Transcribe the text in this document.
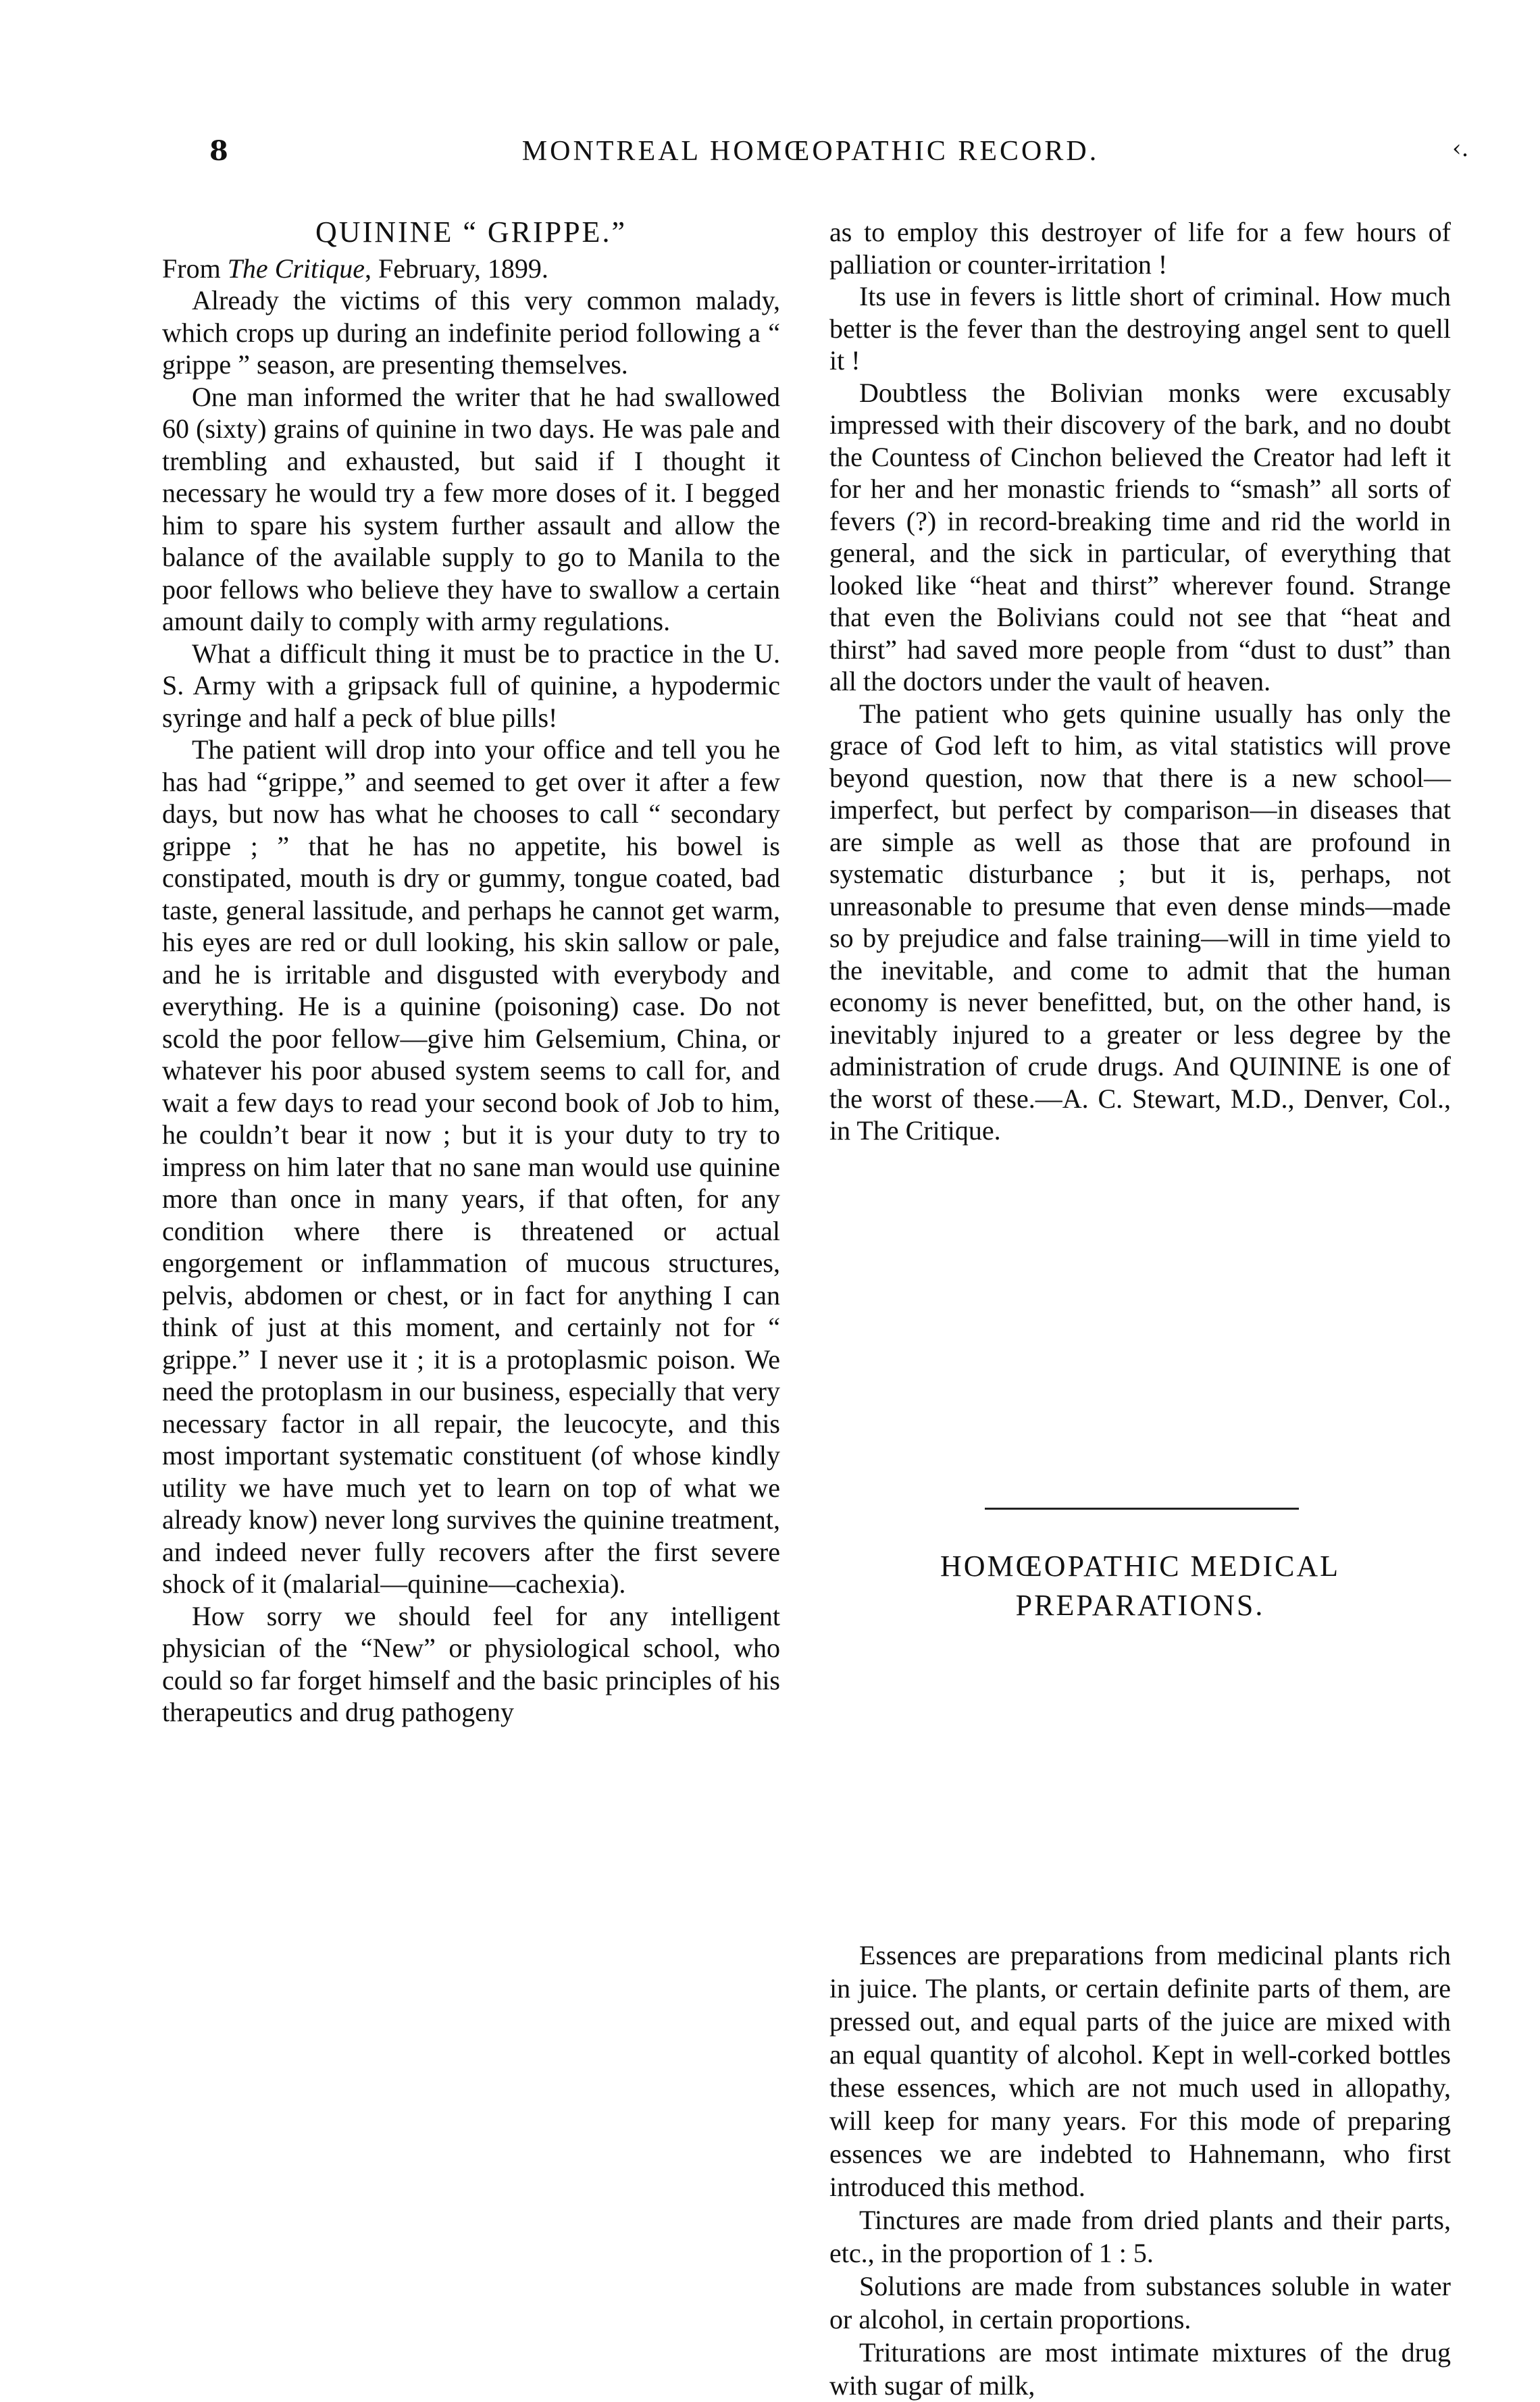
‹.
8	MONTREAL HOMŒOPATHIC RECORD.
QUININE “ GRIPPE.”
From The Critique, February, 1899.

Already the victims of this very common malady, which crops up during an indefinite period following a “ grippe ” season, are presenting themselves.

One man informed the writer that he had swallowed 60 (sixty) grains of quinine in two days. He was pale and trembling and exhausted, but said if I thought it necessary he would try a few more doses of it. I begged him to spare his system further assault and allow the balance of the available supply to go to Manila to the poor fellows who believe they have to swallow a certain amount daily to comply with army regulations.

What a difficult thing it must be to practice in the U. S. Army with a gripsack full of quinine, a hypodermic syringe and half a peck of blue pills!

The patient will drop into your office and tell you he has had “grippe,” and seemed to get over it after a few days, but now has what he chooses to call “ secondary grippe ; ” that he has no appetite, his bowel is constipated, mouth is dry or gummy, tongue coated, bad taste, general lassitude, and perhaps he cannot get warm, his eyes are red or dull looking, his skin sallow or pale, and he is irritable and disgusted with everybody and everything. He is a quinine (poisoning) case. Do not scold the poor fellow—give him Gelsemium, China, or whatever his poor abused system seems to call for, and wait a few days to read your second book of Job to him, he couldn’t bear it now ; but it is your duty to try to impress on him later that no sane man would use quinine more than once in many years, if that often, for any condition where there is threatened or actual engorgement or inflammation of mucous structures, pelvis, abdomen or chest, or in fact for anything I can think of just at this moment, and certainly not for “ grippe.” I never use it ; it is a protoplasmic poison. We need the protoplasm in our business, especially that very necessary factor in all repair, the leucocyte, and this most important systematic constituent (of whose kindly utility we have much yet to learn on top of what we already know) never long survives the quinine treatment, and indeed never fully recovers after the first severe shock of it (malarial—quinine—cachexia).

How sorry we should feel for any intelligent physician of the “New” or physiological school, who could so far forget himself and the basic principles of his therapeutics and drug pathogeny

as to employ this destroyer of life for a few hours of palliation or counter-irritation !

Its use in fevers is little short of criminal. How much better is the fever than the destroying angel sent to quell it !

Doubtless the Bolivian monks were excusably impressed with their discovery of the bark, and no doubt the Countess of Cinchon believed the Creator had left it for her and her monastic friends to “smash” all sorts of fevers (?) in record-breaking time and rid the world in general, and the sick in particular, of everything that looked like “heat and thirst” wherever found. Strange that even the Bolivians could not see that “heat and thirst” had saved more people from “dust to dust” than all the doctors under the vault of heaven.

The patient who gets quinine usually has only the grace of God left to him, as vital statistics will prove beyond question, now that there is a new school—imperfect, but perfect by comparison—in diseases that are simple as well as those that are profound in systematic disturbance ; but it is, perhaps, not unreasonable to presume that even dense minds—made so by prejudice and false training—will in time yield to the inevitable, and come to admit that the human economy is never benefitted, but, on the other hand, is inevitably injured to a greater or less degree by the administration of crude drugs. And QUININE is one of the worst of these.—A. C. Stewart, M.D., Denver, Col., in The Critique.

HOMŒOPATHIC MEDICAL PREPARATIONS.

Essences are preparations from medicinal plants rich in juice. The plants, or certain definite parts of them, are pressed out, and equal parts of the juice are mixed with an equal quantity of alcohol. Kept in well-corked bottles these essences, which are not much used in allopathy, will keep for many years. For this mode of preparing essences we are indebted to Hahnemann, who first introduced this method.

Tinctures are made from dried plants and their parts, etc., in the proportion of 1 : 5.

Solutions are made from substances soluble in water or alcohol, in certain proportions.

Triturations are most intimate mixtures of the drug with sugar of milk,
